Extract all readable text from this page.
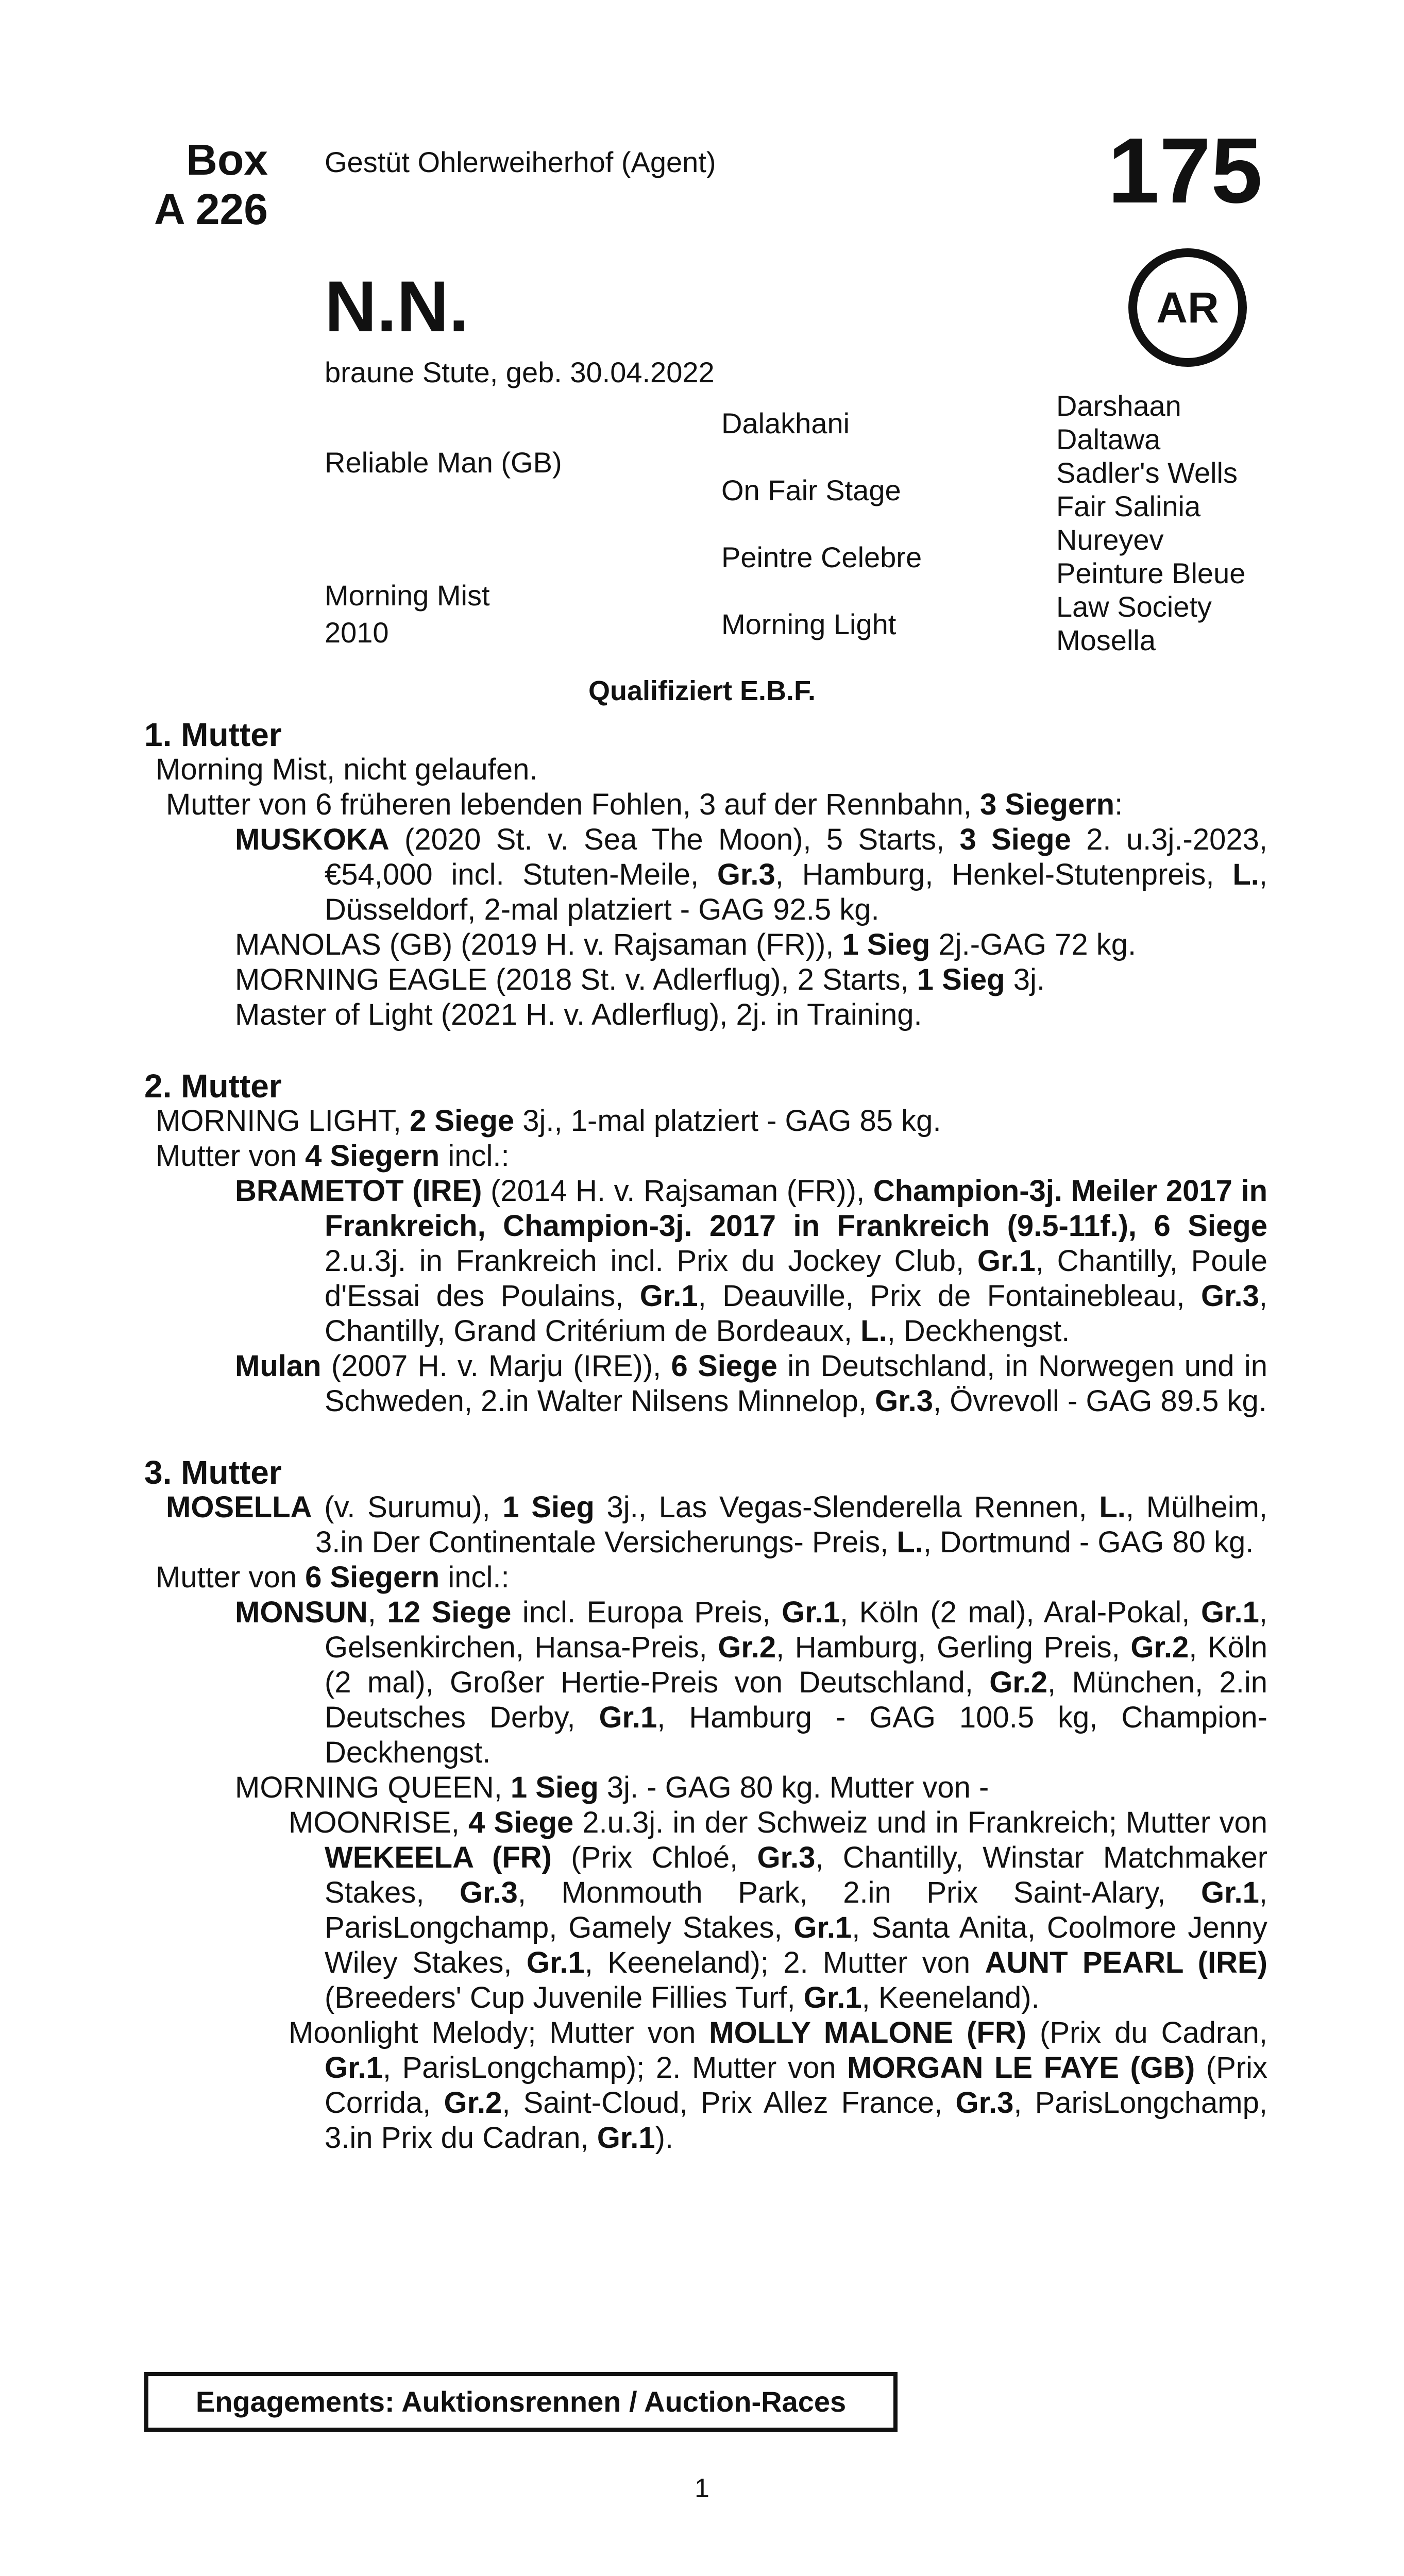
Box
A 226
Gestüt Ohlerweiherhof (Agent)	175
N.N.	AR
braune Stute, geb. 30.04.2022
Reliable Man (GB)
Morning Mist
2010
Dalakhani
On Fair Stage
Peintre Celebre
Morning Light
Darshaan
Daltawa
Sadler's Wells
Fair Salinia
Nureyev
Peinture Bleue
Law Society
Mosella
Qualifiziert E.B.F.

1. Mutter

Morning Mist, nicht gelaufen.

Mutter von 6 früheren lebenden Fohlen, 3 auf der Rennbahn, 3 Siegern:

MUSKOKA (2020 St. v. Sea The Moon), 5 Starts, 3 Siege 2. u.3j.-2023, €54,000 incl. Stuten-Meile, Gr.3, Hamburg, Henkel-Stutenpreis, L., Düsseldorf, 2-mal platziert - GAG 92.5 kg.

MANOLAS (GB) (2019 H. v. Rajsaman (FR)), 1 Sieg 2j.-GAG 72 kg.

MORNING EAGLE (2018 St. v. Adlerflug), 2 Starts, 1 Sieg 3j.

Master of Light (2021 H. v. Adlerflug), 2j. in Training.

2. Mutter

MORNING LIGHT, 2 Siege 3j., 1-mal platziert - GAG 85 kg.

Mutter von 4 Siegern incl.:

BRAMETOT (IRE) (2014 H. v. Rajsaman (FR)), Champion-3j. Meiler 2017 in Frankreich, Champion-3j. 2017 in Frankreich (9.5-11f.), 6 Siege 2.u.3j. in Frankreich incl. Prix du Jockey Club, Gr.1, Chantilly, Poule d'Essai des Poulains, Gr.1, Deauville, Prix de Fontainebleau, Gr.3, Chantilly, Grand Critérium de Bordeaux, L., Deckhengst.

Mulan (2007 H. v. Marju (IRE)), 6 Siege in Deutschland, in Norwegen und in Schweden, 2.in Walter Nilsens Minnelop, Gr.3, Övrevoll - GAG 89.5 kg.

3. Mutter

MOSELLA (v. Surumu), 1 Sieg 3j., Las Vegas-Slenderella Rennen, L., Mülheim, 3.in Der Continentale Versicherungs- Preis, L., Dortmund - GAG 80 kg.

Mutter von 6 Siegern incl.:

MONSUN, 12 Siege incl. Europa Preis, Gr.1, Köln (2 mal), Aral-Pokal, Gr.1, Gelsenkirchen, Hansa-Preis, Gr.2, Hamburg, Gerling Preis, Gr.2, Köln (2 mal), Großer Hertie-Preis von Deutschland, Gr.2, München, 2.in Deutsches Derby, Gr.1, Hamburg - GAG 100.5 kg, Champion-Deckhengst.

MORNING QUEEN, 1 Sieg 3j. - GAG 80 kg. Mutter von -

MOONRISE, 4 Siege 2.u.3j. in der Schweiz und in Frankreich; Mutter von WEKEELA (FR) (Prix Chloé, Gr.3, Chantilly, Winstar Matchmaker Stakes, Gr.3, Monmouth Park, 2.in Prix Saint-Alary, Gr.1, ParisLongchamp, Gamely Stakes, Gr.1, Santa Anita, Coolmore Jenny Wiley Stakes, Gr.1, Keeneland); 2. Mutter von AUNT PEARL (IRE) (Breeders' Cup Juvenile Fillies Turf, Gr.1, Keeneland).

Moonlight Melody; Mutter von MOLLY MALONE (FR) (Prix du Cadran, Gr.1, ParisLongchamp); 2. Mutter von MORGAN LE FAYE (GB) (Prix Corrida, Gr.2, Saint-Cloud, Prix Allez France, Gr.3, ParisLongchamp, 3.in Prix du Cadran, Gr.1).

Engagements: Auktionsrennen / Auction-Races
1
